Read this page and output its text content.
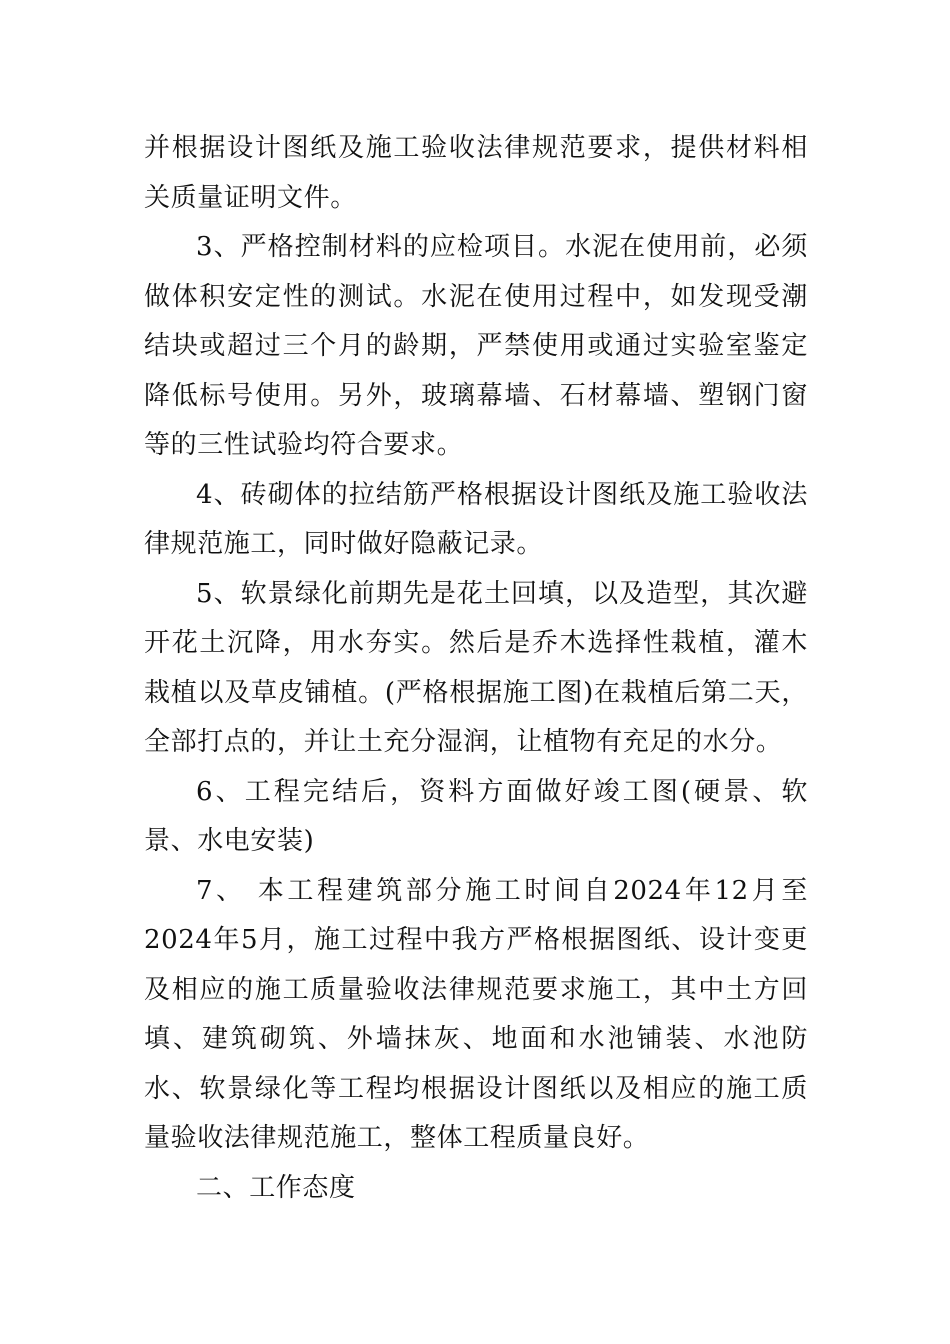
并根据设计图纸及施工验收法律规范要求，提供材料相关质量证明文件。

3、严格控制材料的应检项目。水泥在使用前，必须做体积安定性的测试。水泥在使用过程中，如发现受潮结块或超过三个月的龄期，严禁使用或通过实验室鉴定降低标号使用。另外，玻璃幕墙、石材幕墙、塑钢门窗等的三性试验均符合要求。

4、砖砌体的拉结筋严格根据设计图纸及施工验收法律规范施工，同时做好隐蔽记录。

5、软景绿化前期先是花土回填，以及造型，其次避开花土沉降，用水夯实。然后是乔木选择性栽植，灌木栽植以及草皮铺植。(严格根据施工图)在栽植后第二天，全部打点的，并让土充分湿润，让植物有充足的水分。

6、工程完结后，资料方面做好竣工图(硬景、软景、水电安装)

7、 本工程建筑部分施工时间自2024年12月至2024年5月，施工过程中我方严格根据图纸、设计变更及相应的施工质量验收法律规范要求施工，其中土方回填、建筑砌筑、外墙抹灰、地面和水池铺装、水池防水、软景绿化等工程均根据设计图纸以及相应的施工质量验收法律规范施工，整体工程质量良好。

二、工作态度
